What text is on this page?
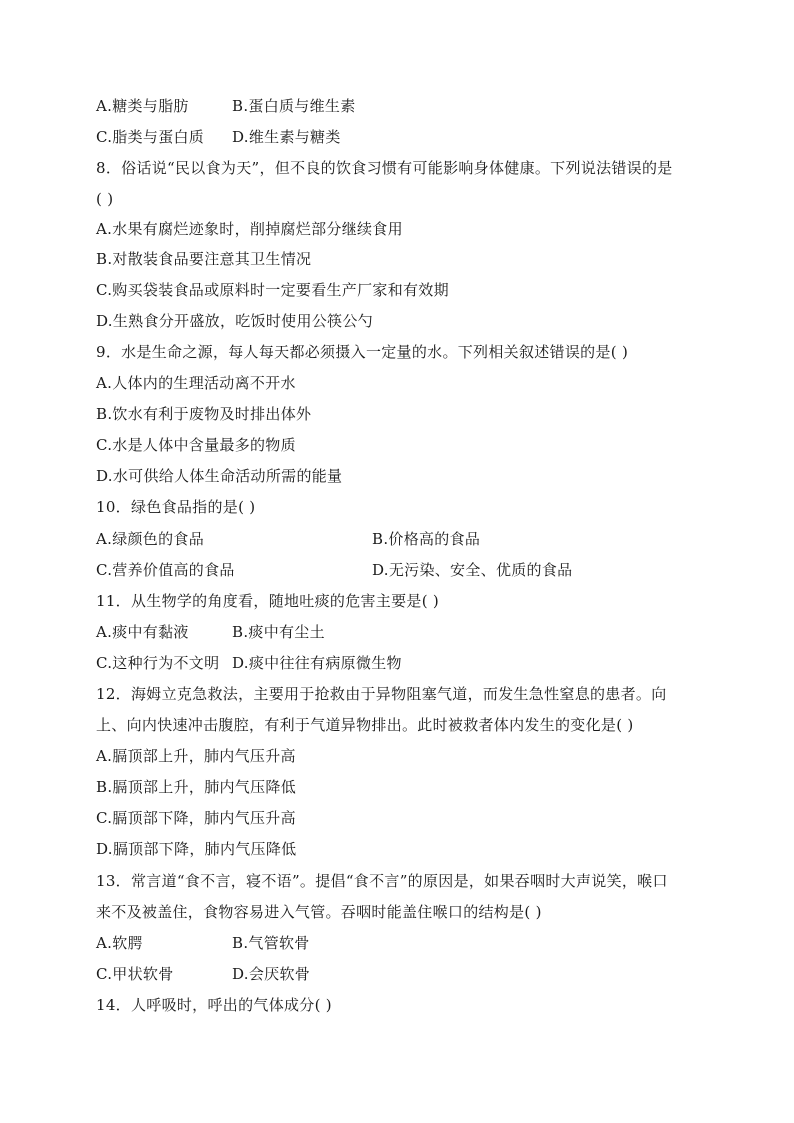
A.糖类与脂肪	B.蛋白质与维生素
C.脂类与蛋白质 D.维生素与糖类
8．俗话说“民以食为天”，但不良的饮食习惯有可能影响身体健康。下列说法错误的是
( )
A.水果有腐烂迹象时，削掉腐烂部分继续食用
B.对散装食品要注意其卫生情况
C.购买袋装食品或原料时一定要看生产厂家和有效期
D.生熟食分开盛放，吃饭时使用公筷公勺
9．水是生命之源，每人每天都必须摄入一定量的水。下列相关叙述错误的是( )
A.人体内的生理活动离不开水
B.饮水有利于废物及时排出体外
C.水是人体中含量最多的物质
D.水可供给人体生命活动所需的能量
10．绿色食品指的是( )
A.绿颜色的食品	B.价格高的食品
C.营养价值高的食品	D.无污染、安全、优质的食品
11．从生物学的角度看，随地吐痰的危害主要是( )
A.痰中有黏液	B.痰中有尘土
C.这种行为不文明 D.痰中往往有病原微生物
12．海姆立克急救法，主要用于抢救由于异物阻塞气道，而发生急性窒息的患者。向
上、向内快速冲击腹腔，有利于气道异物排出。此时被救者体内发生的变化是( )
A.膈顶部上升，肺内气压升高
B.膈顶部上升，肺内气压降低
C.膈顶部下降，肺内气压升高
D.膈顶部下降，肺内气压降低
13．常言道“食不言，寝不语”。提倡“食不言”的原因是，如果吞咽时大声说笑，喉口
来不及被盖住，食物容易进入气管。吞咽时能盖住喉口的结构是( )
A.软腭	B.气管软骨
C.甲状软骨	D.会厌软骨
14．人呼吸时，呼出的气体成分( )
